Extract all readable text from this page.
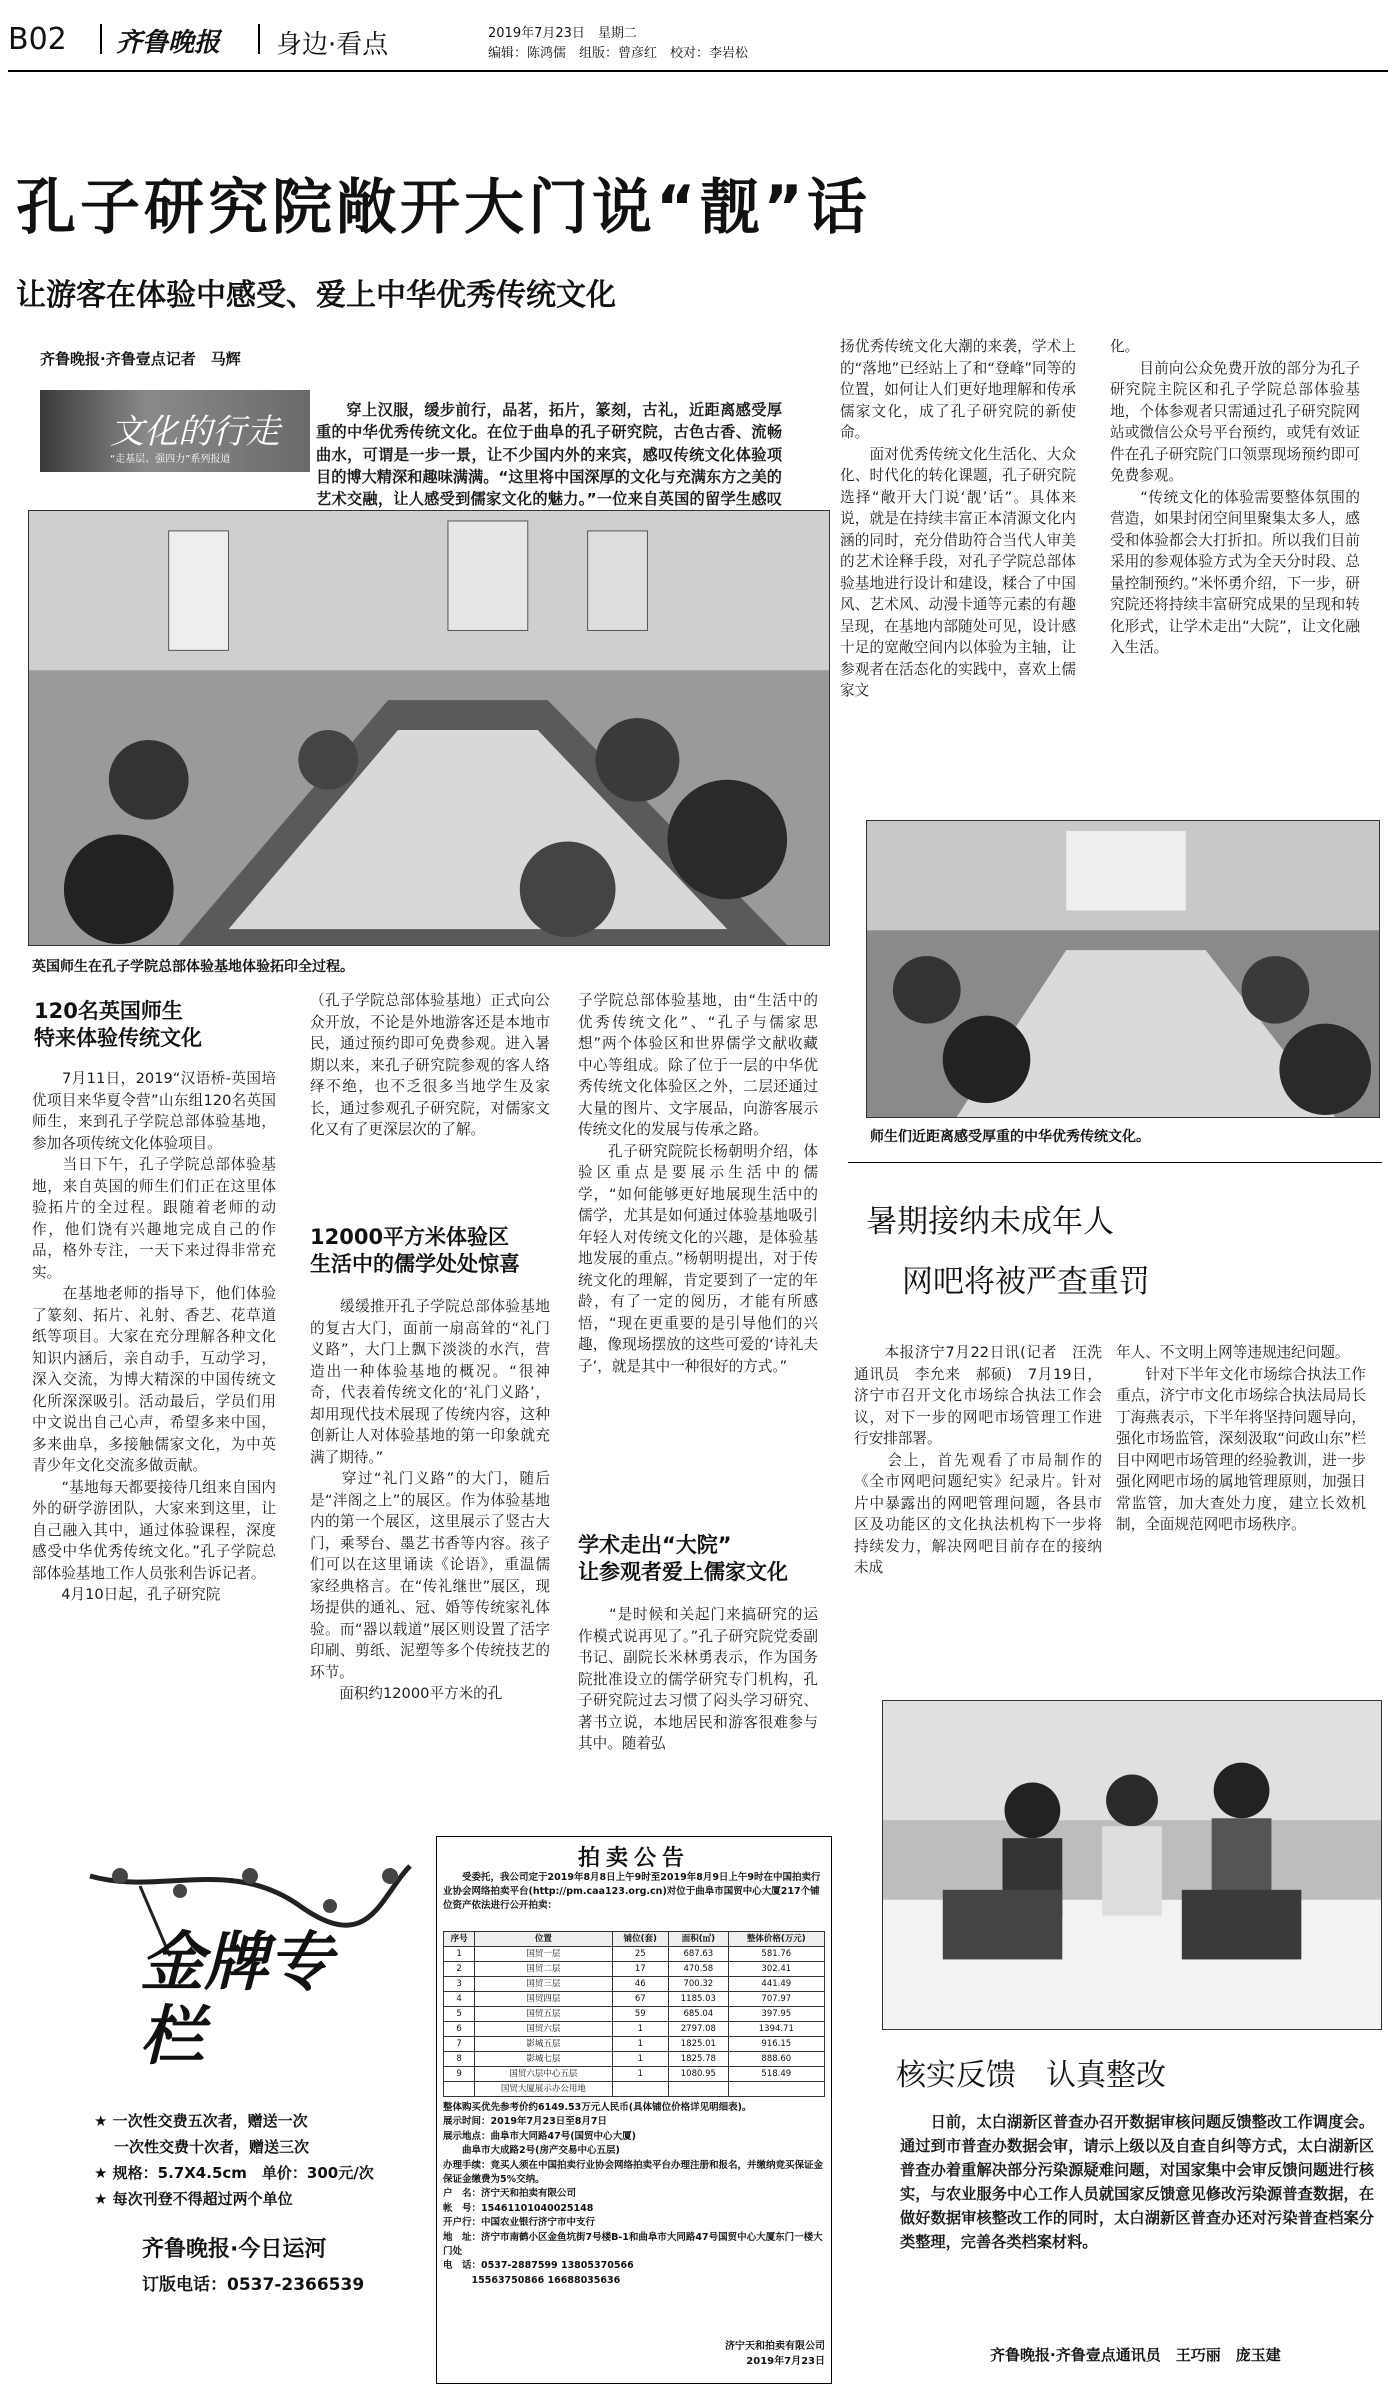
B02 齐鲁晚报 身边·看点	2019年7月23日　星期二
编辑：陈鸿儒　组版：曾彦红　校对：李岩松
孔子研究院敞开大门说“靓”话
让游客在体验中感受、爱上中华优秀传统文化
齐鲁晚报·齐鲁壹点记者　马辉
文化的行走
“走基层、强四力”系列报道

穿上汉服，缓步前行，品茗，拓片，篆刻，古礼，近距离感受厚重的中华优秀传统文化。在位于曲阜的孔子研究院，古色古香、流畅曲水，可谓是一步一景，让不少国内外的来宾，感叹传统文化体验项目的博大精深和趣味满满。“这里将中国深厚的文化与充满东方之美的艺术交融，让人感受到儒家文化的魅力。”一位来自英国的留学生感叹

英国师生在孔子学院总部体验基地体验拓印全过程。
师生们近距离感受厚重的中华优秀传统文化。
120名英国师生
特来体验传统文化
　　7月11日，2019“汉语桥-英国培优项目来华夏令营”山东组120名英国师生，来到孔子学院总部体验基地，参加各项传统文化体验项目。
　　当日下午，孔子学院总部体验基地，来自英国的师生们们正在这里体验拓片的全过程。跟随着老师的动作，他们饶有兴趣地完成自己的作品，格外专注，一天下来过得非常充实。
　　在基地老师的指导下，他们体验了篆刻、拓片、礼射、香艺、花草道纸等项目。大家在充分理解各种文化知识内涵后，亲自动手，互动学习，深入交流，为博大精深的中国传统文化所深深吸引。活动最后，学员们用中文说出自己心声，希望多来中国，多来曲阜，多接触儒家文化，为中英青少年文化交流多做贡献。
　　“基地每天都要接待几组来自国内外的研学游团队，大家来到这里，让自己融入其中，通过体验课程，深度感受中华优秀传统文化。”孔子学院总部体验基地工作人员张利告诉记者。
　　4月10日起，孔子研究院
（孔子学院总部体验基地）正式向公众开放，不论是外地游客还是本地市民，通过预约即可免费参观。进入暑期以来，来孔子研究院参观的客人络绎不绝，也不乏很多当地学生及家长，通过参观孔子研究院，对儒家文化又有了更深层次的了解。
12000平方米体验区
生活中的儒学处处惊喜
　　缓缓推开孔子学院总部体验基地的复古大门，面前一扇高耸的“礼门义路”，大门上飘下淡淡的水汽，营造出一种体验基地的概况。“很神奇，代表着传统文化的‘礼门义路’，却用现代技术展现了传统内容，这种创新让人对体验基地的第一印象就充满了期待。”
　　穿过“礼门义路”的大门，随后是“泮阁之上”的展区。作为体验基地内的第一个展区，这里展示了竖古大门，乘琴台、墨艺书香等内容。孩子们可以在这里诵读《论语》，重温儒家经典格言。在“传礼继世”展区，现场提供的通礼、冠、婚等传统家礼体验。而“器以载道”展区则设置了活字印刷、剪纸、泥塑等多个传统技艺的环节。
　　面积约12000平方米的孔
子学院总部体验基地，由“生活中的优秀传统文化”、“孔子与儒家思想”两个体验区和世界儒学文献收藏中心等组成。除了位于一层的中华优秀传统文化体验区之外，二层还通过大量的图片、文字展品，向游客展示传统文化的发展与传承之路。
　　孔子研究院院长杨朝明介绍，体验区重点是要展示生活中的儒学，“如何能够更好地展现生活中的儒学，尤其是如何通过体验基地吸引年轻人对传统文化的兴趣，是体验基地发展的重点。”杨朝明提出，对于传统文化的理解，肯定要到了一定的年龄，有了一定的阅历，才能有所感悟，“现在更重要的是引导他们的兴趣，像现场摆放的这些可爱的‘诗礼夫子’，就是其中一种很好的方式。”
学术走出“大院”
让参观者爱上儒家文化
　　“是时候和关起门来搞研究的运作模式说再见了。”孔子研究院党委副书记、副院长米林勇表示，作为国务院批准设立的儒学研究专门机构，孔子研究院过去习惯了闷头学习研究、著书立说，本地居民和游客很难参与其中。随着弘
扬优秀传统文化大潮的来袭，学术上的“落地”已经站上了和“登峰”同等的位置，如何让人们更好地理解和传承儒家文化，成了孔子研究院的新使命。
　　面对优秀传统文化生活化、大众化、时代化的转化课题，孔子研究院选择“敞开大门说‘靓’话”。具体来说，就是在持续丰富正本清源文化内涵的同时，充分借助符合当代人审美的艺术诠释手段，对孔子学院总部体验基地进行设计和建设，糅合了中国风、艺术风、动漫卡通等元素的有趣呈现，在基地内部随处可见，设计感十足的宽敞空间内以体验为主轴，让参观者在活态化的实践中，喜欢上儒家文
化。
　　目前向公众免费开放的部分为孔子研究院主院区和孔子学院总部体验基地，个体参观者只需通过孔子研究院网站或微信公众号平台预约，或凭有效证件在孔子研究院门口领票现场预约即可免费参观。
　　“传统文化的体验需要整体氛围的营造，如果封闭空间里聚集太多人，感受和体验都会大打折扣。所以我们目前采用的参观体验方式为全天分时段、总量控制预约。”米怀勇介绍，下一步，研究院还将持续丰富研究成果的呈现和转化形式，让学术走出“大院”，让文化融入生活。
暑期接纳未成年人
网吧将被严查重罚
　　本报济宁7月22日讯(记者　汪洗　通讯员　李允来　郝硕)　7月19日，济宁市召开文化市场综合执法工作会议，对下一步的网吧市场管理工作进行安排部署。
　　会上，首先观看了市局制作的《全市网吧问题纪实》纪录片。针对片中暴露出的网吧管理问题，各县市区及功能区的文化执法机构下一步将持续发力，解决网吧目前存在的接纳未成
年人、不文明上网等违规违纪问题。
　　针对下半年文化市场综合执法工作重点，济宁市文化市场综合执法局局长丁海燕表示，下半年将坚持问题导向，强化市场监管，深刻汲取“问政山东”栏目中网吧市场管理的经验教训，进一步强化网吧市场的属地管理原则，加强日常监管，加大查处力度，建立长效机制，全面规范网吧市场秩序。
核实反馈　认真整改
　　日前，太白湖新区普查办召开数据审核问题反馈整改工作调度会。通过到市普查办数据会审，请示上级以及自查自纠等方式，太白湖新区普查办着重解决部分污染源疑难问题，对国家集中会审反馈问题进行核实，与农业服务中心工作人员就国家反馈意见修改污染源普查数据，在做好数据审核整改工作的同时，太白湖新区普查办还对污染普查档案分类整理，完善各类档案材料。
齐鲁晚报·齐鲁壹点通讯员　王巧丽　庞玉建
拍卖公告
受委托，我公司定于2019年8月8日上午9时至2019年8月9日上午9时在中国拍卖行业协会网络拍卖平台(http://pm.caa123.org.cn)对位于曲阜市国贸中心大厦217个铺位资产依法进行公开拍卖：
序号	位置	铺位(套)	面积(㎡)	整体价格(万元)
1	国贸一层	25	687.63	581.76
2	国贸二层	17	470.58	302.41
3	国贸三层	46	700.32	441.49
4	国贸四层	67	1185.03	707.97
5	国贸五层	59	685.04	397.95
6	国贸六层	1	2797.08	1394.71
7	影城五层	1	1825.01	916.15
8	影城七层	1	1825.78	888.60
9	国贸六层中心五层	1	1080.95	518.49
	国贸大厦展示办公用地			
整体购买优先参考价约6149.53万元人民币(具体铺位价格详见明细表)。
展示时间：2019年7月23日至8月7日
展示地点：曲阜市大同路47号(国贸中心大厦)
　　曲阜市大成路2号(房产交易中心五层)
办理手续：竞买人须在中国拍卖行业协会网络拍卖平台办理注册和报名，并缴纳竞买保证金保证金缴费为5%交纳。
户　名：济宁天和拍卖有限公司
帐　号：15461101040025148
开户行：中国农业银行济宁市中支行
地　址：济宁市南鹤小区金鱼坑街7号楼B-1和曲阜市大同路47号国贸中心大厦东门一楼大门处
电　话：0537-2887599 13805370566
　　　15563750866 16688035636
济宁天和拍卖有限公司
2019年7月23日
金牌专栏
★ 一次性交费五次者，赠送一次
一次性交费十次者，赠送三次
★ 规格：5.7X4.5cm　单价：300元/次
★ 每次刊登不得超过两个单位
齐鲁晚报·今日运河
订版电话：0537-2366539
